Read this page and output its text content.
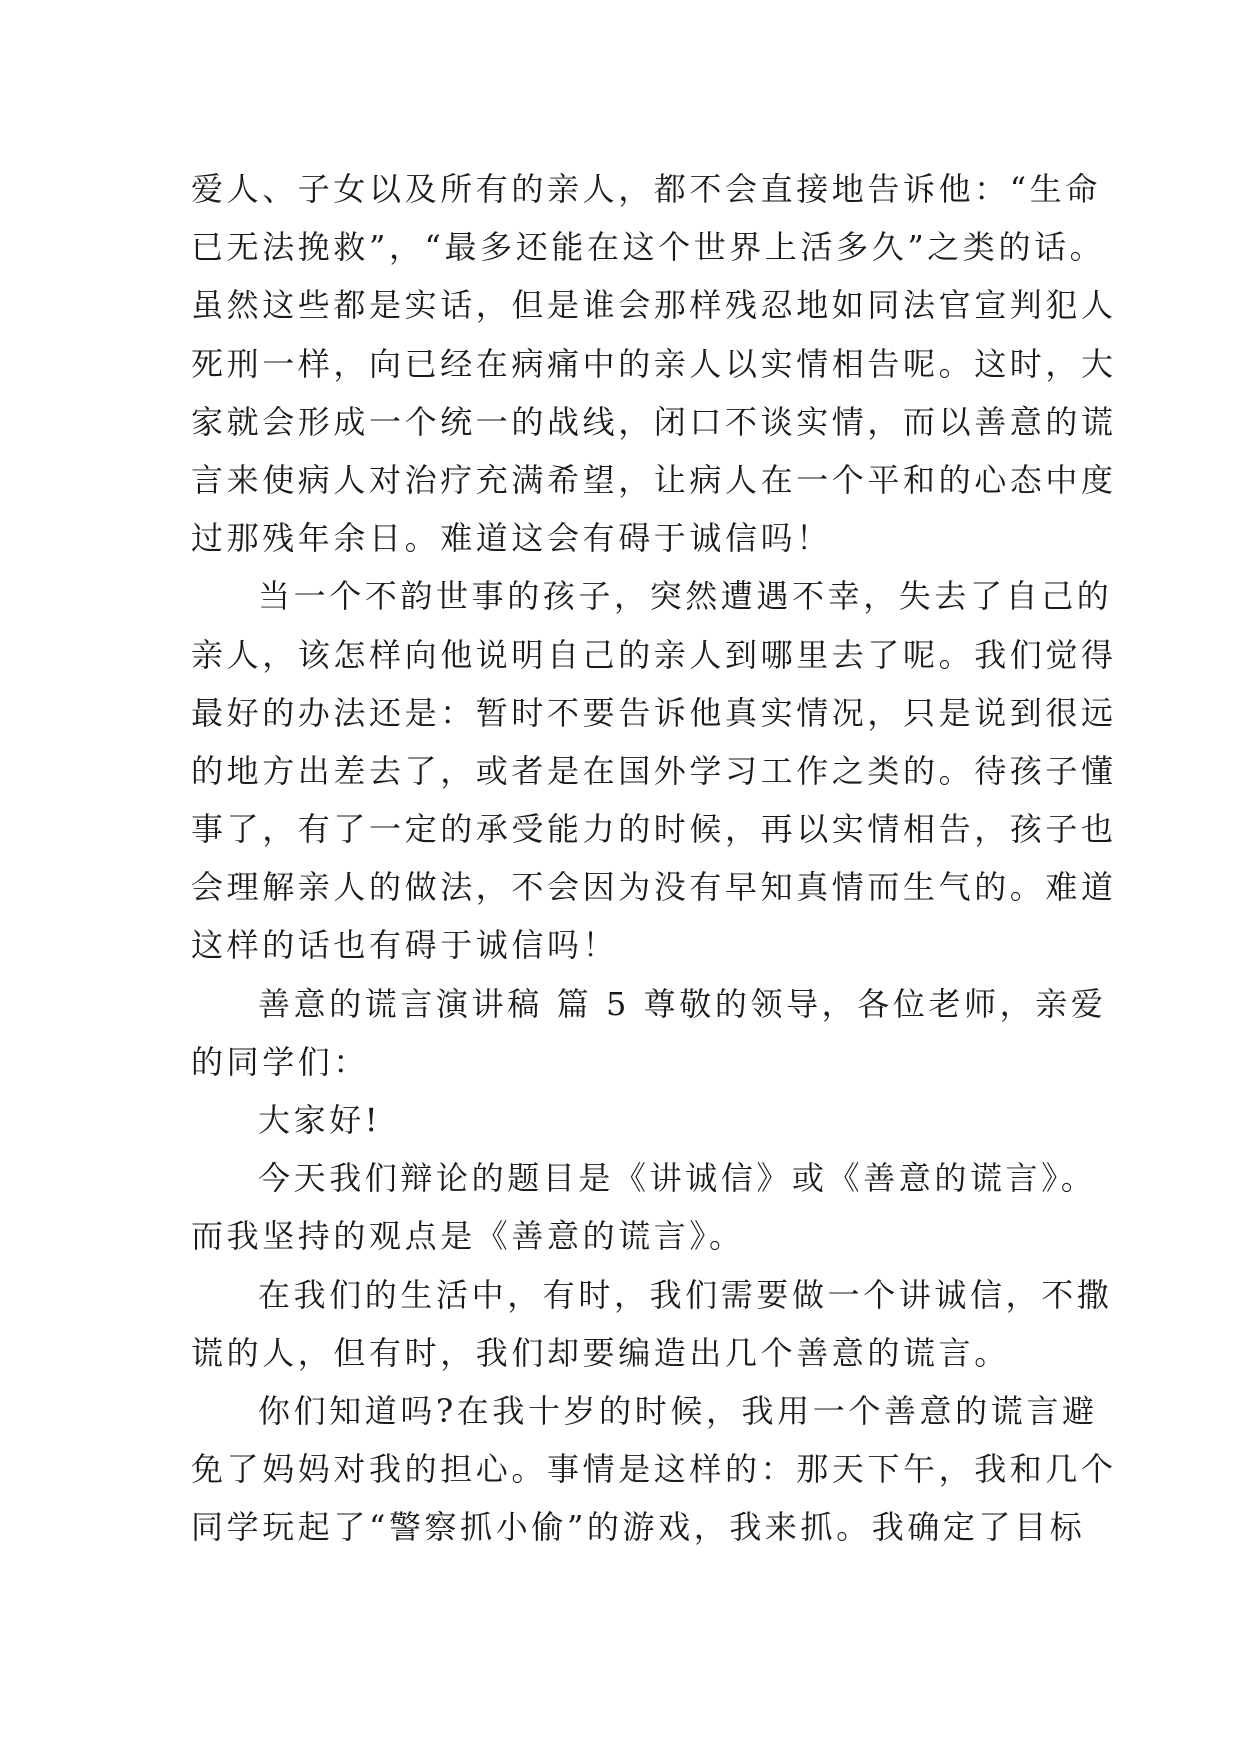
爱人、子女以及所有的亲人，都不会直接地告诉他：“生命
已无法挽救”，“最多还能在这个世界上活多久”之类的话。
虽然这些都是实话，但是谁会那样残忍地如同法官宣判犯人
死刑一样，向已经在病痛中的亲人以实情相告呢。这时，大
家就会形成一个统一的战线，闭口不谈实情，而以善意的谎
言来使病人对治疗充满希望，让病人在一个平和的心态中度
过那残年余日。难道这会有碍于诚信吗！
当一个不韵世事的孩子，突然遭遇不幸，失去了自己的
亲人，该怎样向他说明自己的亲人到哪里去了呢。我们觉得
最好的办法还是：暂时不要告诉他真实情况，只是说到很远
的地方出差去了，或者是在国外学习工作之类的。待孩子懂
事了，有了一定的承受能力的时候，再以实情相告，孩子也
会理解亲人的做法，不会因为没有早知真情而生气的。难道
这样的话也有碍于诚信吗！
善意的谎言演讲稿 篇 5 尊敬的领导，各位老师，亲爱
的同学们：
大家好!
今天我们辩论的题目是《讲诚信》或《善意的谎言》。
而我坚持的观点是《善意的谎言》。
在我们的生活中，有时，我们需要做一个讲诚信，不撒
谎的人，但有时，我们却要编造出几个善意的谎言。
你们知道吗?在我十岁的时候，我用一个善意的谎言避
免了妈妈对我的担心。事情是这样的：那天下午，我和几个
同学玩起了“警察抓小偷”的游戏，我来抓。我确定了目标
